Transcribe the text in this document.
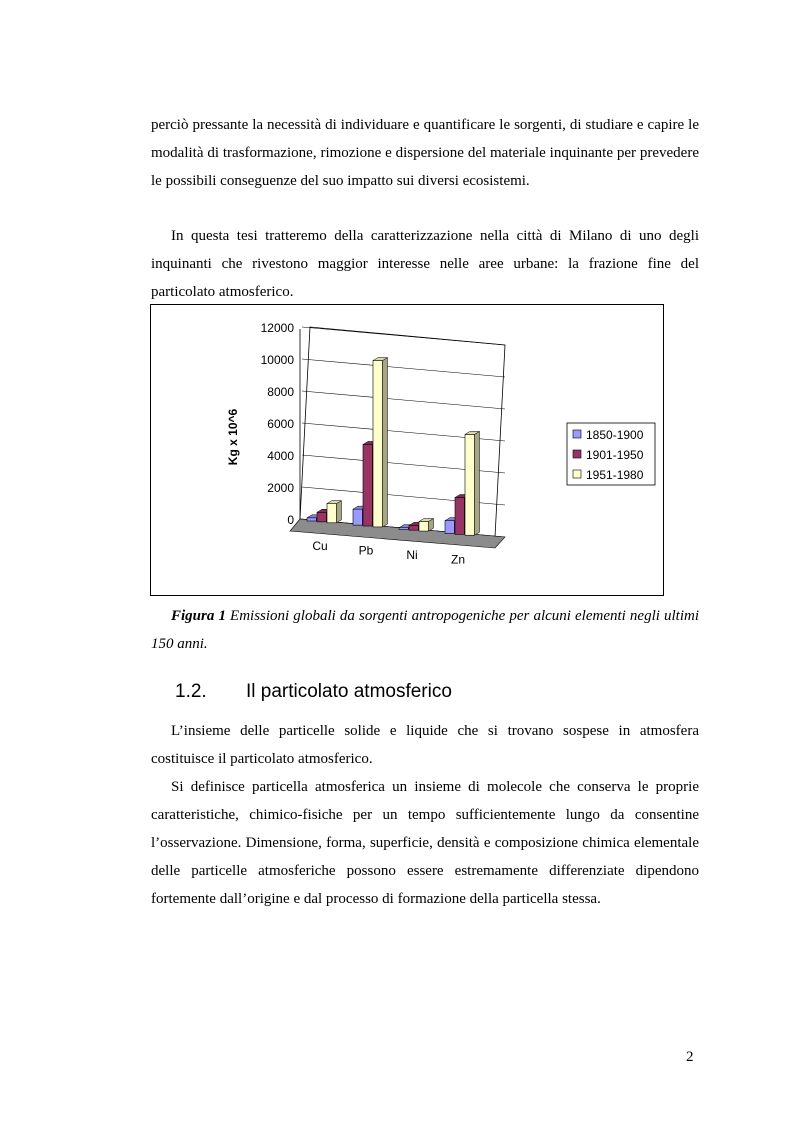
perciò pressante la necessità di individuare e quantificare le sorgenti, di studiare e capire le modalità di trasformazione, rimozione e dispersione del materiale inquinante per prevedere le possibili conseguenze del suo impatto sui diversi ecosistemi.

In questa tesi tratteremo della caratterizzazione nella città di Milano di uno degli inquinanti che rivestono maggior interesse nelle aree urbane: la frazione fine del particolato atmosferico.

Kg x 10^6
0
2000
4000
6000
8000
10000
12000
Cu	Pb	Ni	Zn
1850-1900
1901-1950
1951-1980

Figura 1 Emissioni globali da sorgenti antropogeniche per alcuni elementi negli ultimi 150 anni.

1.2. Il particolato atmosferico

L’insieme delle particelle solide e liquide che si trovano sospese in atmosfera costituisce il particolato atmosferico.

Si definisce particella atmosferica un insieme di molecole che conserva le proprie caratteristiche, chimico-fisiche per un tempo sufficientemente lungo da consentine l’osservazione. Dimensione, forma, superficie, densità e composizione chimica elementale delle particelle atmosferiche possono essere estremamente differenziate dipendono fortemente dall’origine e dal processo di formazione della particella stessa.

2
